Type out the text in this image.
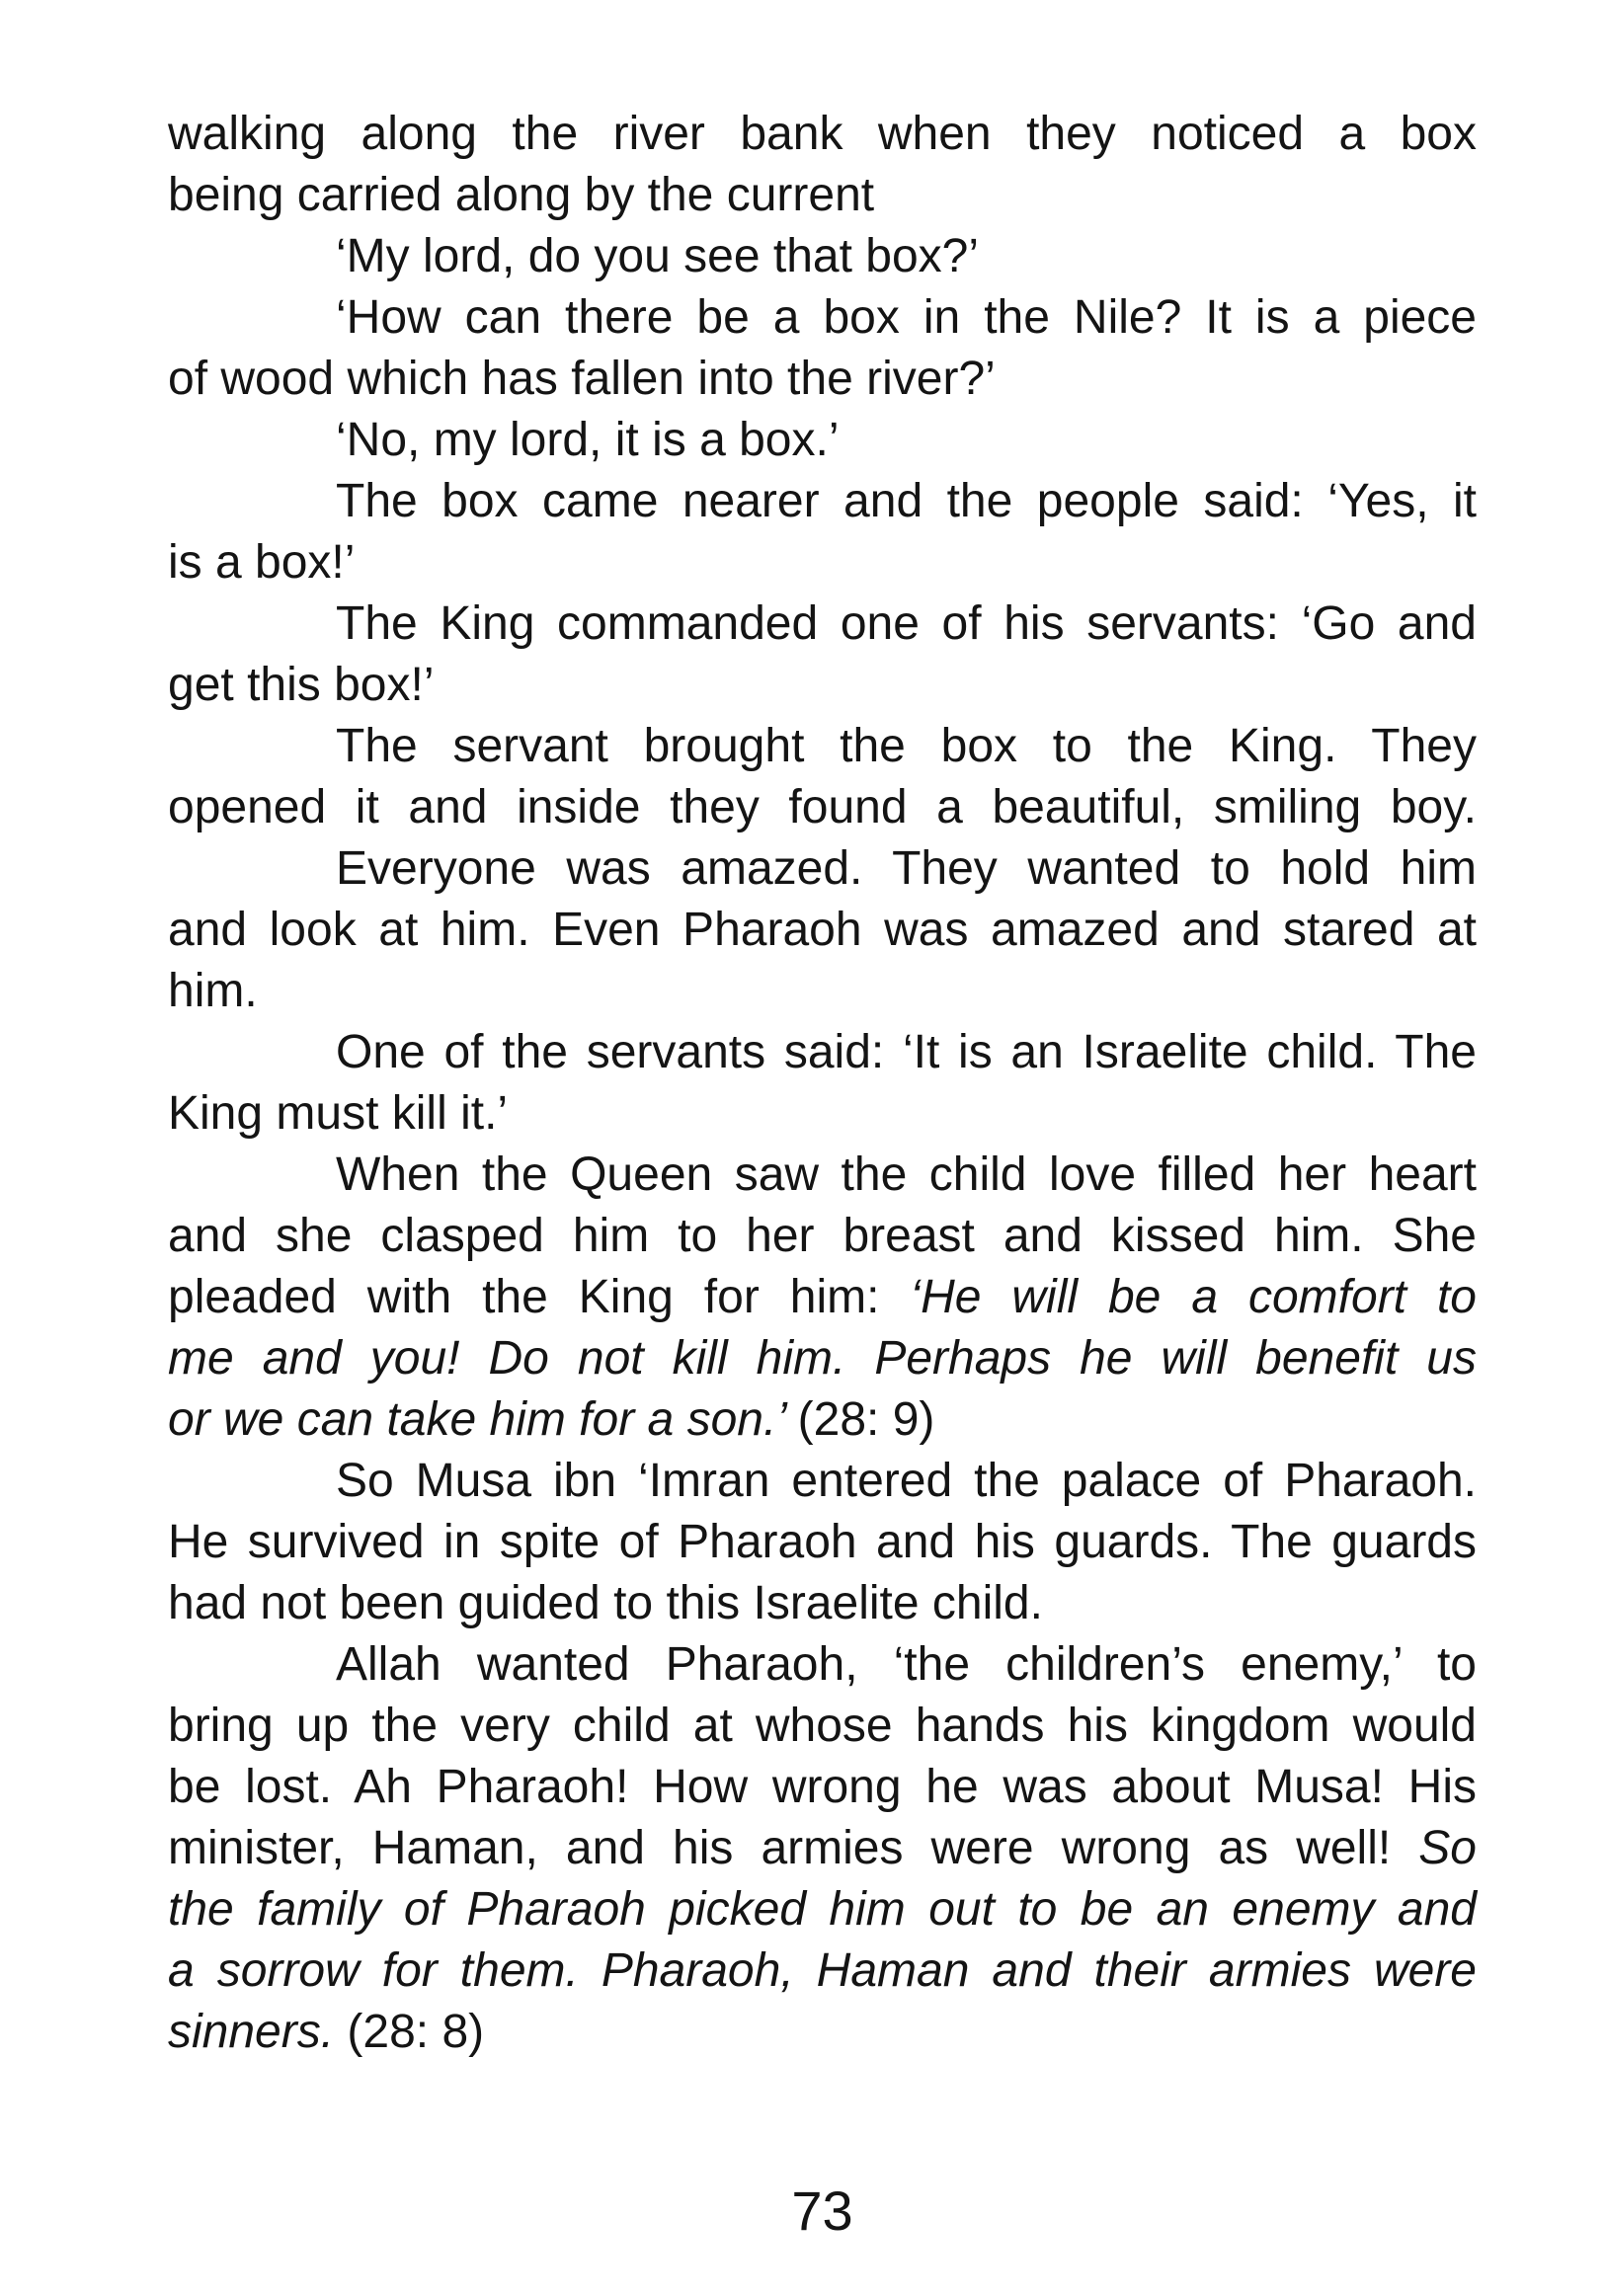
walking along the river bank when they noticed a box
being carried along by the current
‘My lord, do you see that box?’
‘How can there be a box in the Nile? It is a piece
of wood which has fallen into the river?’
‘No, my lord, it is a box.’
The box came nearer and the people said: ‘Yes, it
is a box!’
The King commanded one of his servants: ‘Go and
get this box!’
The servant brought the box to the King. They
opened it and inside they found a beautiful, smiling boy.
Everyone was amazed. They wanted to hold him
and look at him. Even Pharaoh was amazed and stared at
him.
One of the servants said: ‘It is an Israelite child. The
King must kill it.’
When the Queen saw the child love filled her heart
and she clasped him to her breast and kissed him. She
pleaded with the King for him: ‘He will be a comfort to
me and you! Do not kill him. Perhaps he will benefit us
or we can take him for a son.’ (28: 9)
So Musa ibn ‘Imran entered the palace of Pharaoh.
He survived in spite of Pharaoh and his guards. The guards
had not been guided to this Israelite child.
Allah wanted Pharaoh, ‘the children’s enemy,’ to
bring up the very child at whose hands his kingdom would
be lost. Ah Pharaoh! How wrong he was about Musa! His
minister, Haman, and his armies were wrong as well! So
the family of Pharaoh picked him out to be an enemy and
a sorrow for them. Pharaoh, Haman and their armies were
sinners. (28: 8)
73
